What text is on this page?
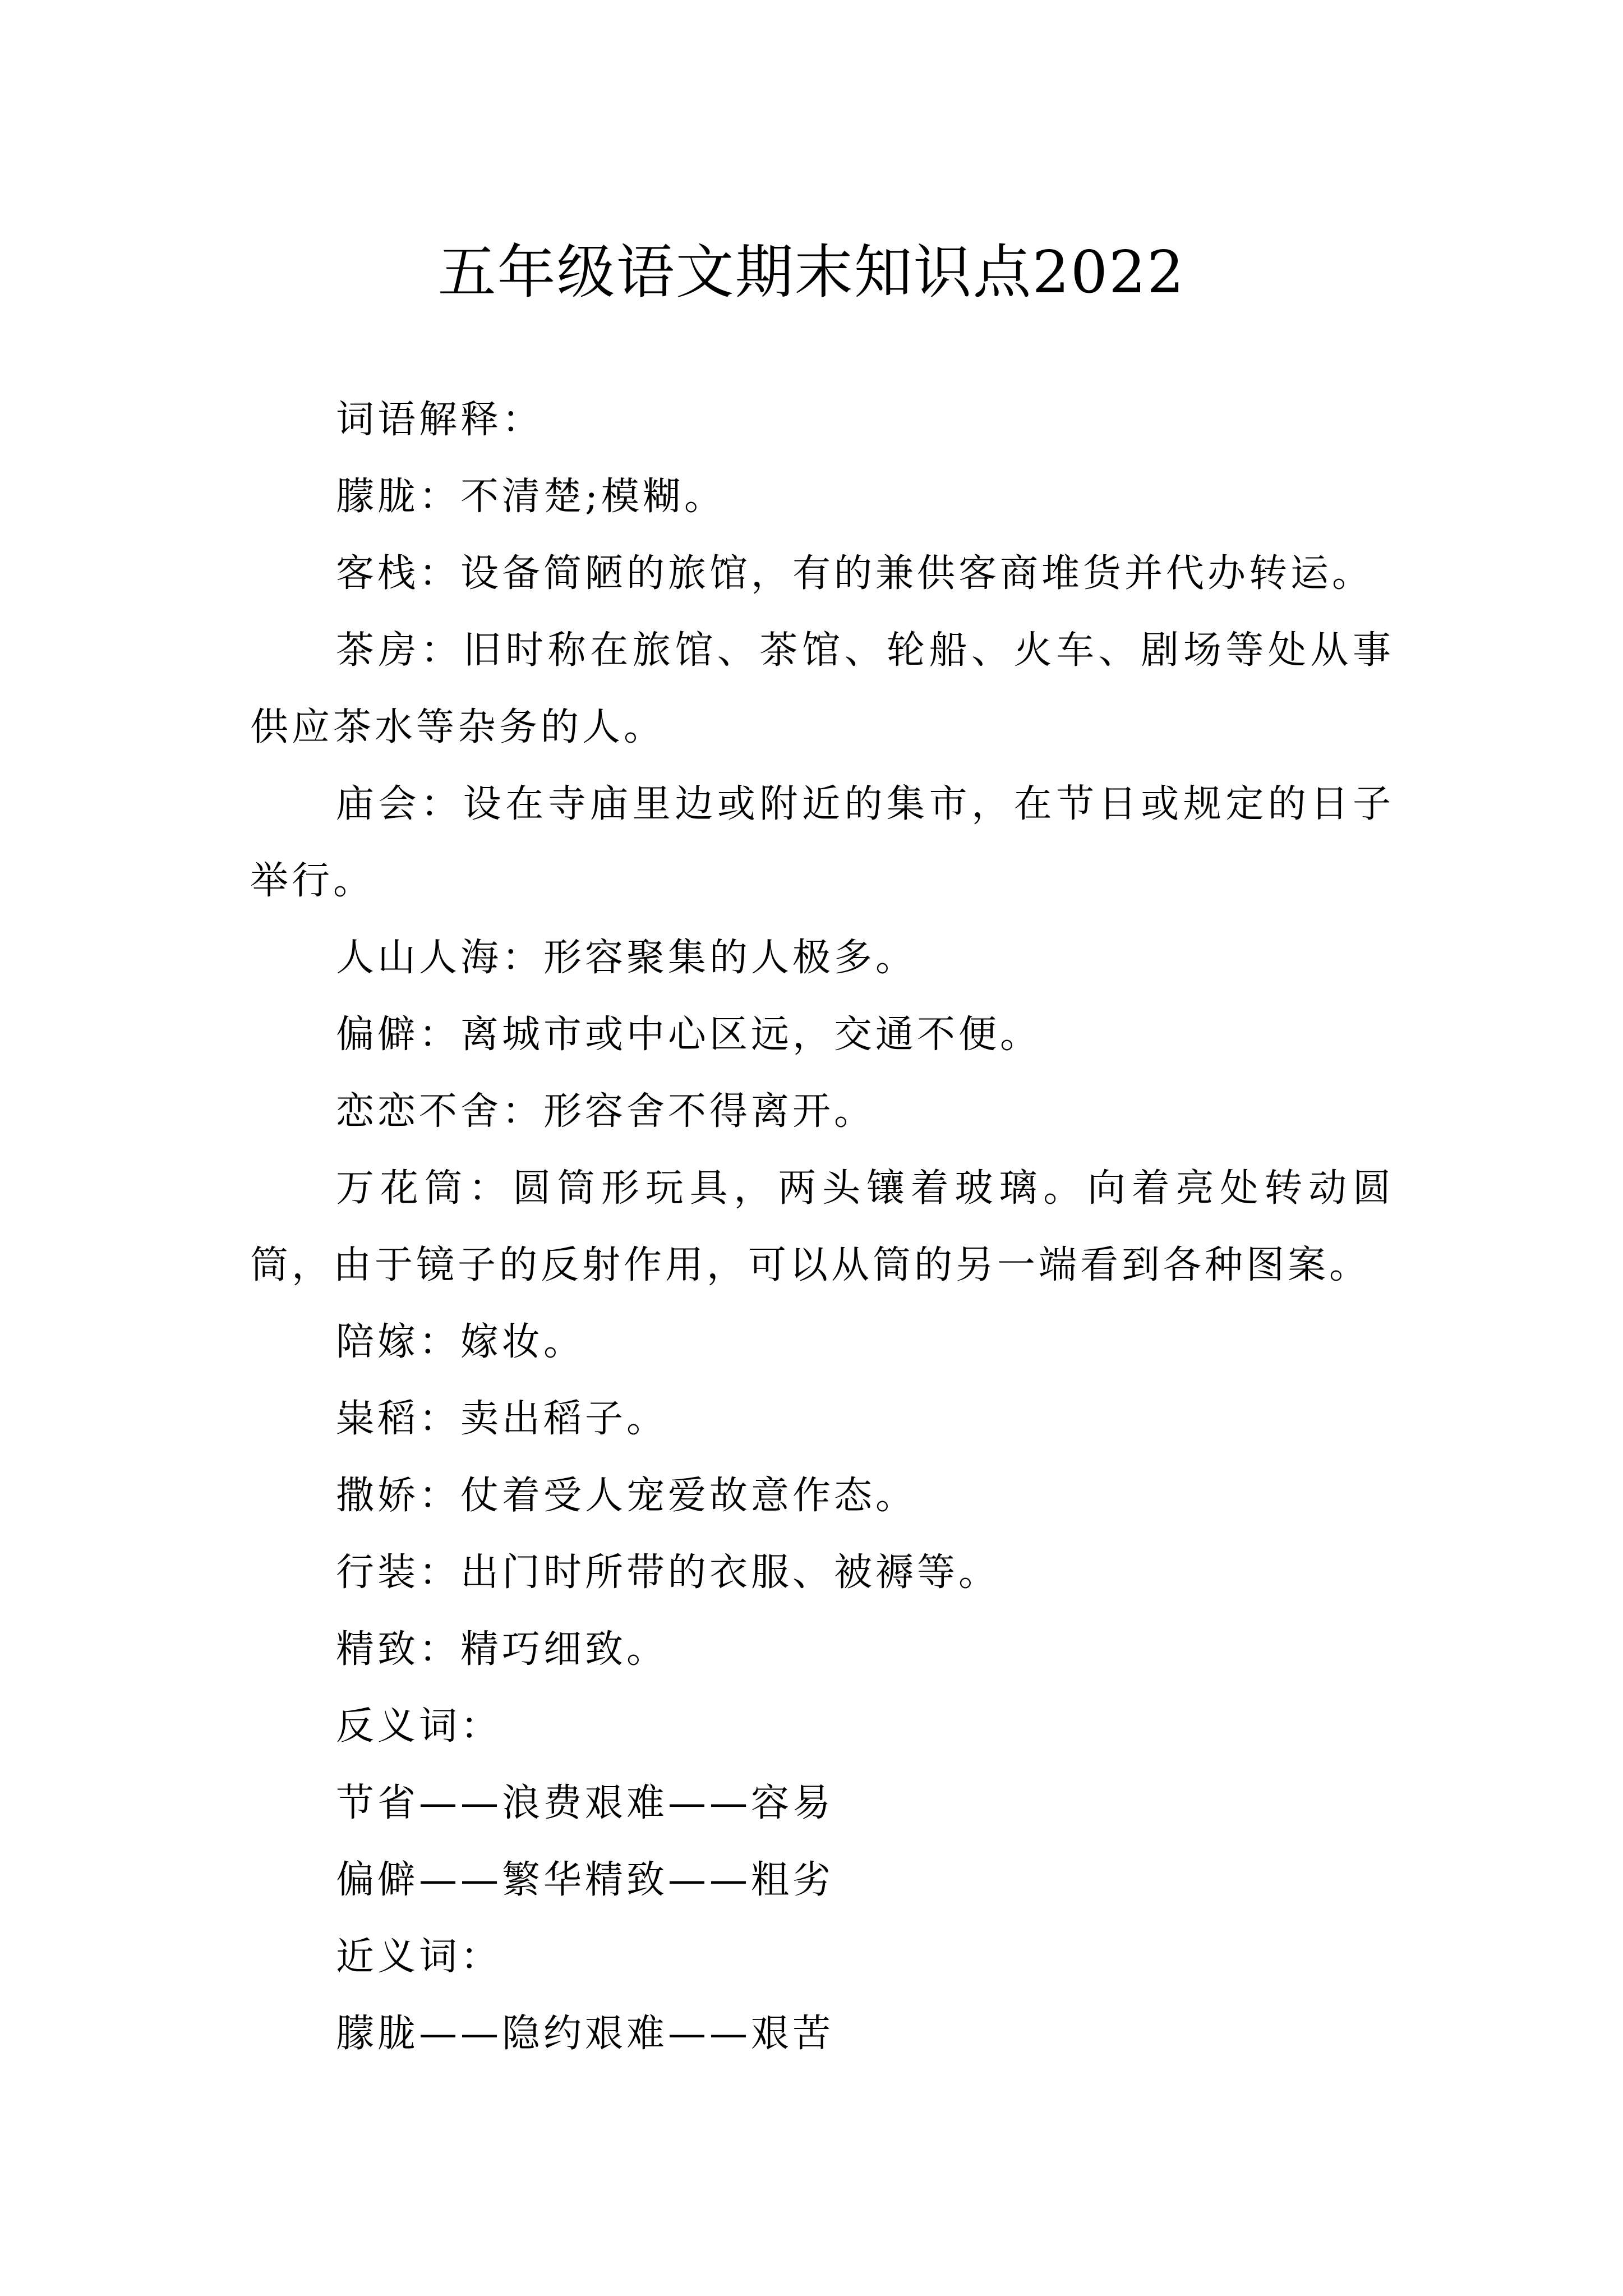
五年级语文期末知识点2022

词语解释：

朦胧：不清楚;模糊。

客栈：设备简陋的旅馆，有的兼供客商堆货并代办转运。

茶房：旧时称在旅馆、茶馆、轮船、火车、剧场等处从事供应茶水等杂务的人。

庙会：设在寺庙里边或附近的集市，在节日或规定的日子举行。

人山人海：形容聚集的人极多。

偏僻：离城市或中心区远，交通不便。

恋恋不舍：形容舍不得离开。

万花筒：圆筒形玩具，两头镶着玻璃。向着亮处转动圆筒，由于镜子的反射作用，可以从筒的另一端看到各种图案。

陪嫁：嫁妆。

粜稻：卖出稻子。

撒娇：仗着受人宠爱故意作态。

行装：出门时所带的衣服、被褥等。

精致：精巧细致。

反义词：

节省——浪费艰难——容易

偏僻——繁华精致——粗劣

近义词：

朦胧——隐约艰难——艰苦
